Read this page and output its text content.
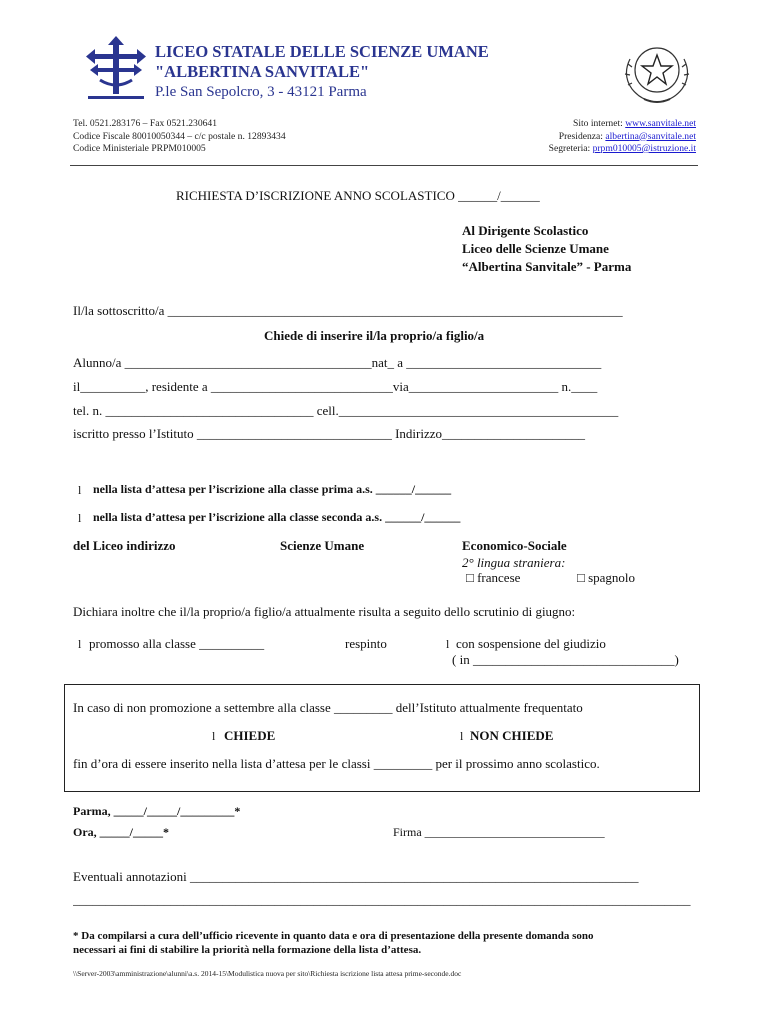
LICEO STATALE DELLE SCIENZE UMANE
"ALBERTINA SANVITALE"
P.le San Sepolcro, 3 - 43121 Parma
Tel. 0521.283176 – Fax 0521.230641
Codice Fiscale 80010050344 – c/c postale n. 12893434
Codice Ministeriale PRPM010005
Sito internet: www.sanvitale.net
Presidenza: albertina@sanvitale.net
Segreteria: prpm010005@istruzione.it
RICHIESTA D’ISCRIZIONE ANNO SCOLASTICO ______/______
Al Dirigente Scolastico
Liceo delle Scienze Umane
“Albertina Sanvitale” - Parma
Il/la sottoscritto/a ______________________________________________________________________
Chiede di inserire il/la proprio/a figlio/a
Alunno/a ______________________________________nat_ a ______________________________
il__________, residente a ____________________________via_______________________ n.____
tel. n. ________________________________ cell.___________________________________________
iscritto presso l’Istituto ______________________________ Indirizzo______________________
l nella lista d’attesa per l’iscrizione alla classe prima a.s. ______/______
l nella lista d’attesa per l’iscrizione alla classe seconda a.s. ______/______
del Liceo indirizzo	Scienze Umane	Economico-Sociale
2° lingua straniera:
□ francese	□ spagnolo
Dichiara inoltre che il/la proprio/a figlio/a attualmente risulta a seguito dello scrutinio di giugno:
l promosso alla classe __________	respinto	l con sospensione del giudizio
( in _______________________________)
In caso di non promozione a settembre alla classe _________ dell’Istituto attualmente frequentato
l CHIEDE	l NON CHIEDE
fin d’ora di essere inserito nella lista d’attesa per le classi _________ per il prossimo anno scolastico.
Parma, _____/_____/_________*
Ora, _____/_____*	Firma ______________________________
Eventuali annotazioni _____________________________________________________________________
_______________________________________________________________________________________________
* Da compilarsi a cura dell’ufficio ricevente in quanto data e ora di presentazione della presente domanda sono
necessari ai fini di stabilire la priorità nella formazione della lista d’attesa.
\\Server-2003\amministrazione\alunni\a.s. 2014-15\Modulistica nuova per sito\Richiesta iscrizione lista attesa prime-seconde.doc
